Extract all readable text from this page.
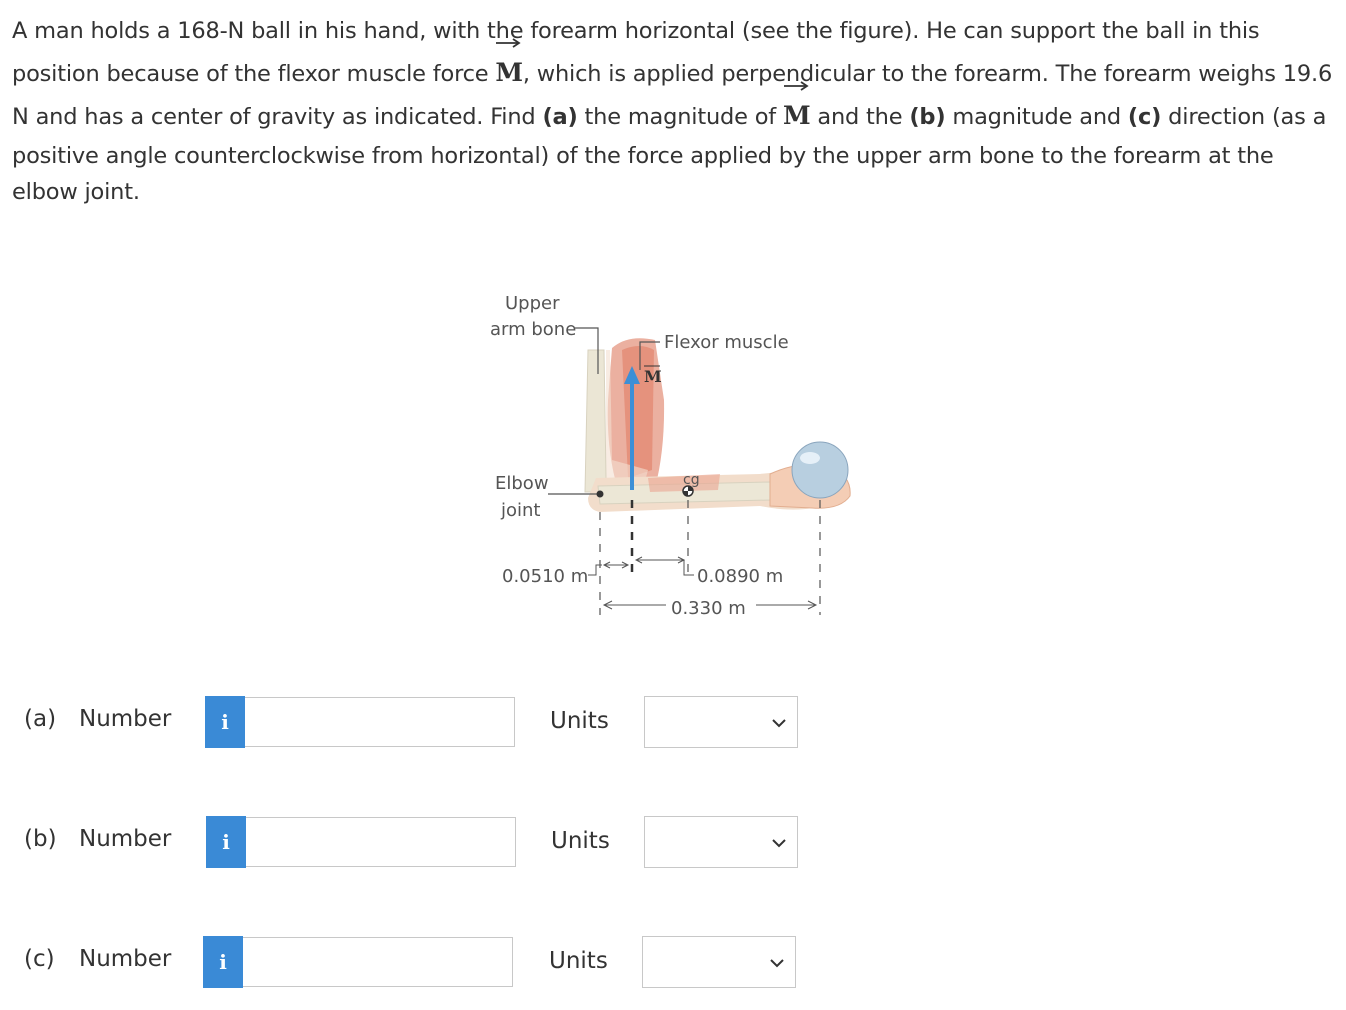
A man holds a 168-N ball in his hand, with the forearm horizontal (see the figure). He can support the ball in this
position because of the flexor muscle force
M, which is applied perpendicular to the forearm. The forearm weighs 19.6
N and has a center of gravity as indicated. Find (a) the magnitude of
M and the (b) magnitude and (c) direction (as a
positive angle counterclockwise from horizontal) of the force applied by the upper arm bone to the forearm at the
elbow joint.
M
Upper
arm bone
Flexor muscle
Elbow
joint
cg
0.0510 m	0.0890 m
0.330 m
(a) Number	i	Units
(b) Number	i	Units
(c) Number	i	Units
